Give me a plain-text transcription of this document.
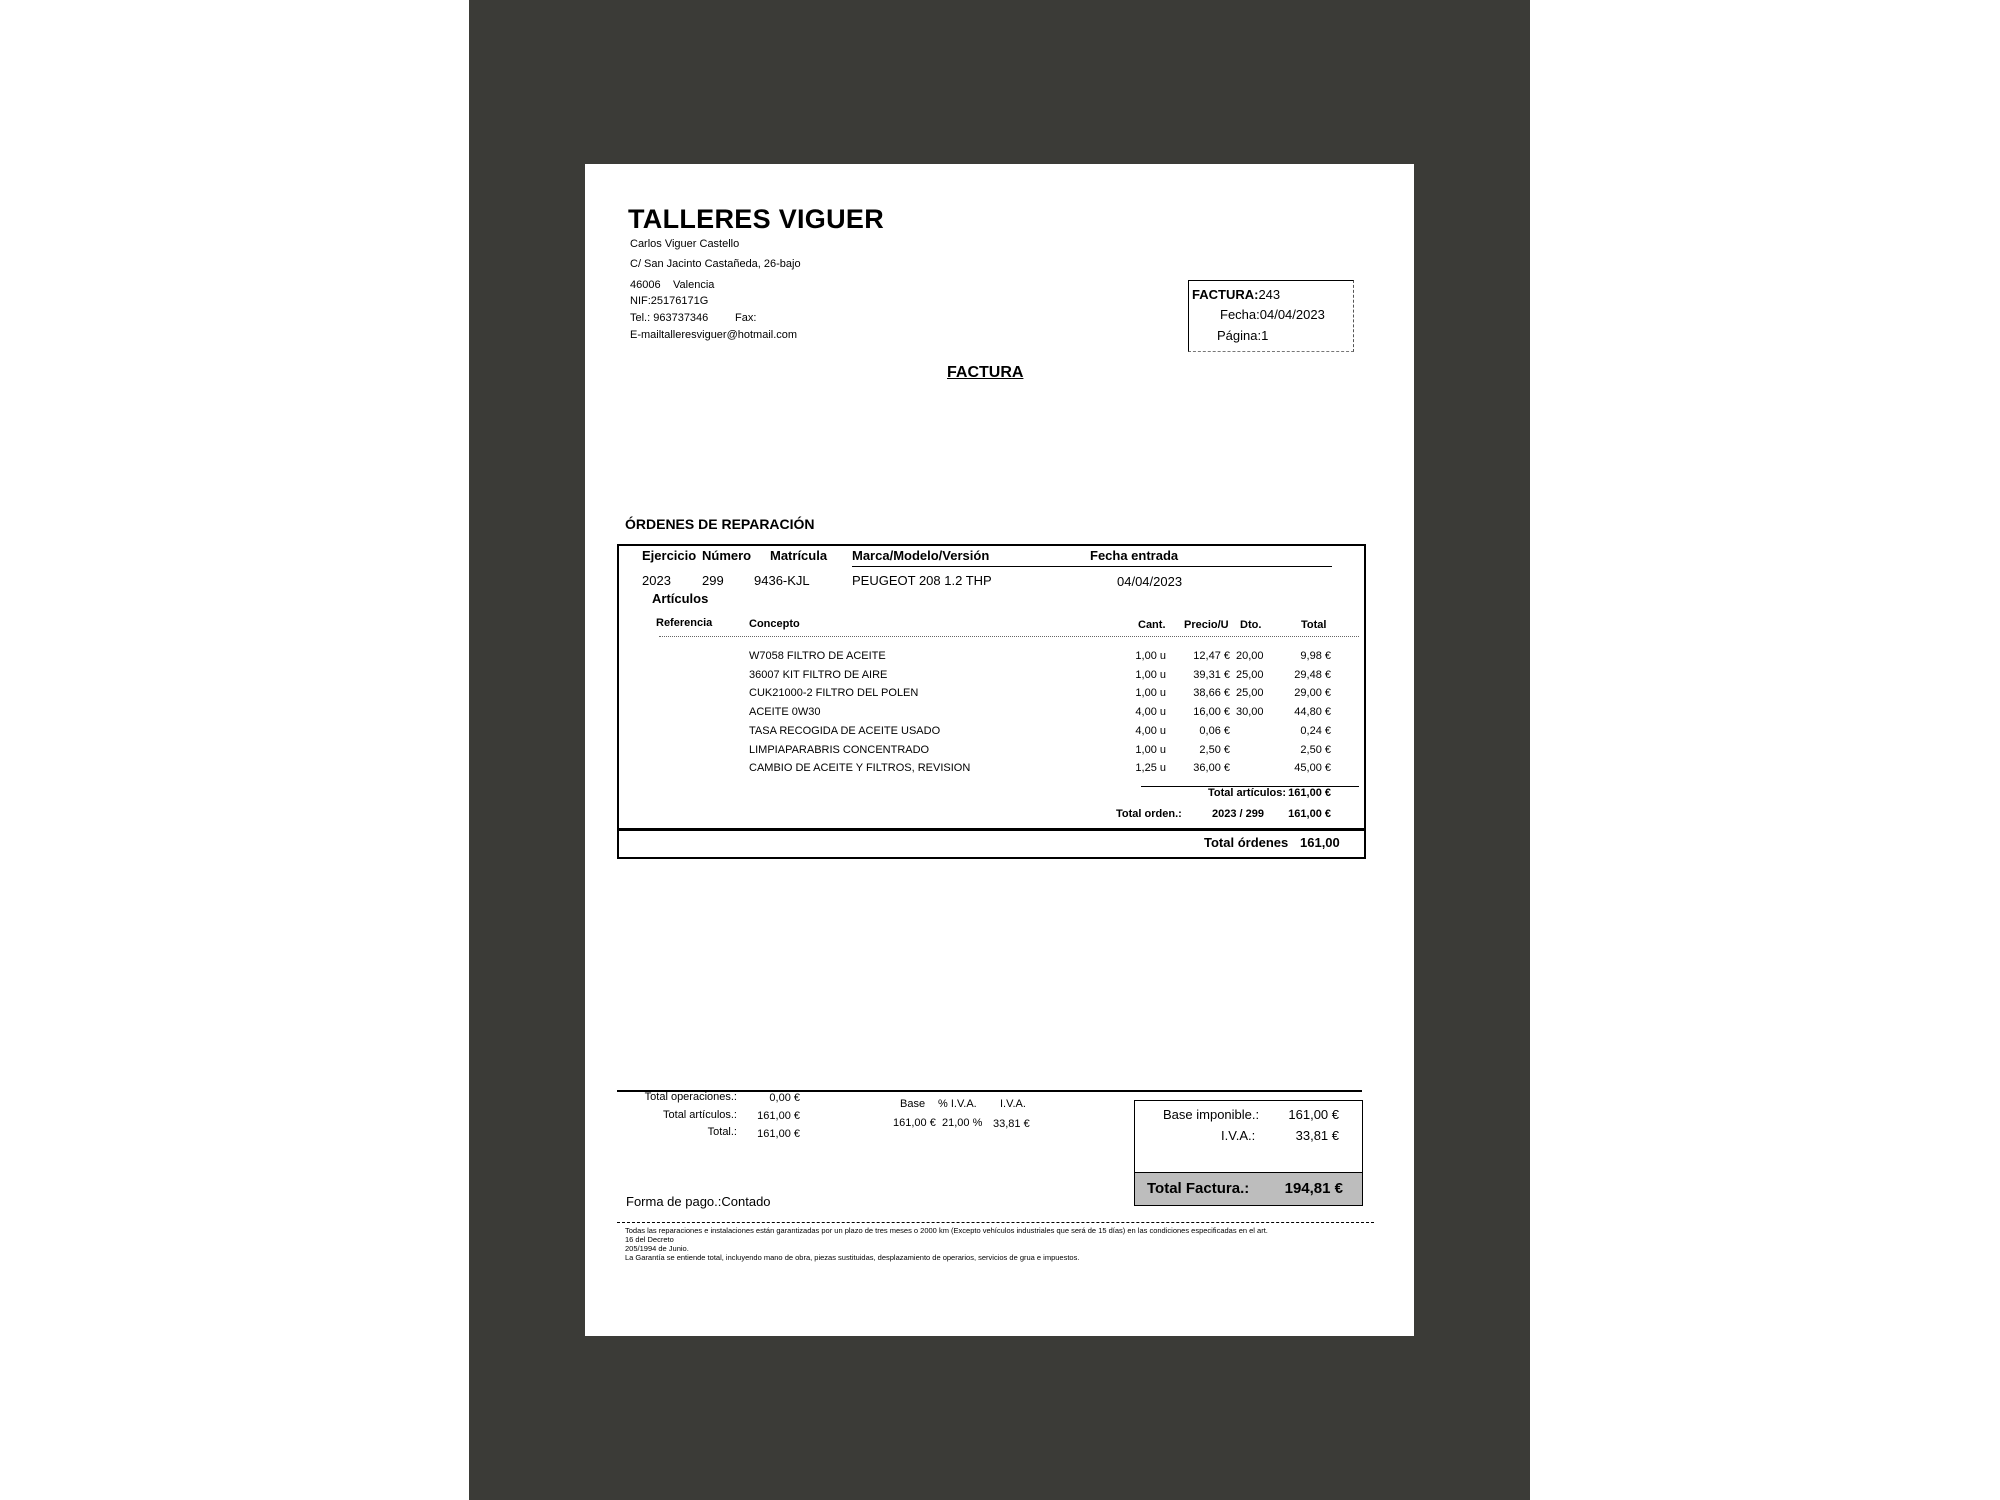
TALLERES VIGUER
Carlos Viguer Castello
C/ San Jacinto Castañeda, 26-bajo
46006 Valencia
NIF:25176171G
Tel.: 963737346 Fax:
E-mailtalleresviguer@hotmail.com
FACTURA:243
Fecha:04/04/2023
Página:1
FACTURA
ÓRDENES DE REPARACIÓN
Ejercicio Número Matrícula Marca/Modelo/Versión	Fecha entrada
2023 299 9436-KJL	PEUGEOT 208 1.2 THP	04/04/2023
Artículos
Referencia	Concepto	Cant. Precio/U Dto.	Total
W7058 FILTRO DE ACEITE	1,00 u	12,47 € 20,00	9,98 €
36007 KIT FILTRO DE AIRE	1,00 u	39,31 € 25,00	29,48 €
CUK21000-2 FILTRO DEL POLEN	1,00 u	38,66 € 25,00	29,00 €
ACEITE 0W30	4,00 u	16,00 € 30,00	44,80 €
TASA RECOGIDA DE ACEITE USADO	4,00 u	0,06 €	0,24 €
LIMPIAPARABRIS CONCENTRADO	1,00 u	2,50 €	2,50 €
CAMBIO DE ACEITE Y FILTROS, REVISION	1,25 u	36,00 €	45,00 €
Total artículos: 161,00 €
Total orden.:	2023 / 299	161,00 €
Total órdenes 161,00
Total operaciones.:	0,00 €
Total artículos.:	161,00 €
Total.:	161,00 €
Base % I.V.A. I.V.A.
161,00 € 21,00 % 33,81 €
Base imponible.:	161,00 €
I.V.A.:	33,81 €
Total Factura.:	194,81 €
Forma de pago.:Contado
Todas las reparaciones e instalaciones están garantizadas por un plazo de tres meses o 2000 km (Excepto vehículos industriales que será de 15 días) en las condiciones especificadas en el art.
16 del Decreto
205/1994 de Junio.
La Garantía se entiende total, incluyendo mano de obra, piezas sustituidas, desplazamiento de operarios, servicios de grua e impuestos.
